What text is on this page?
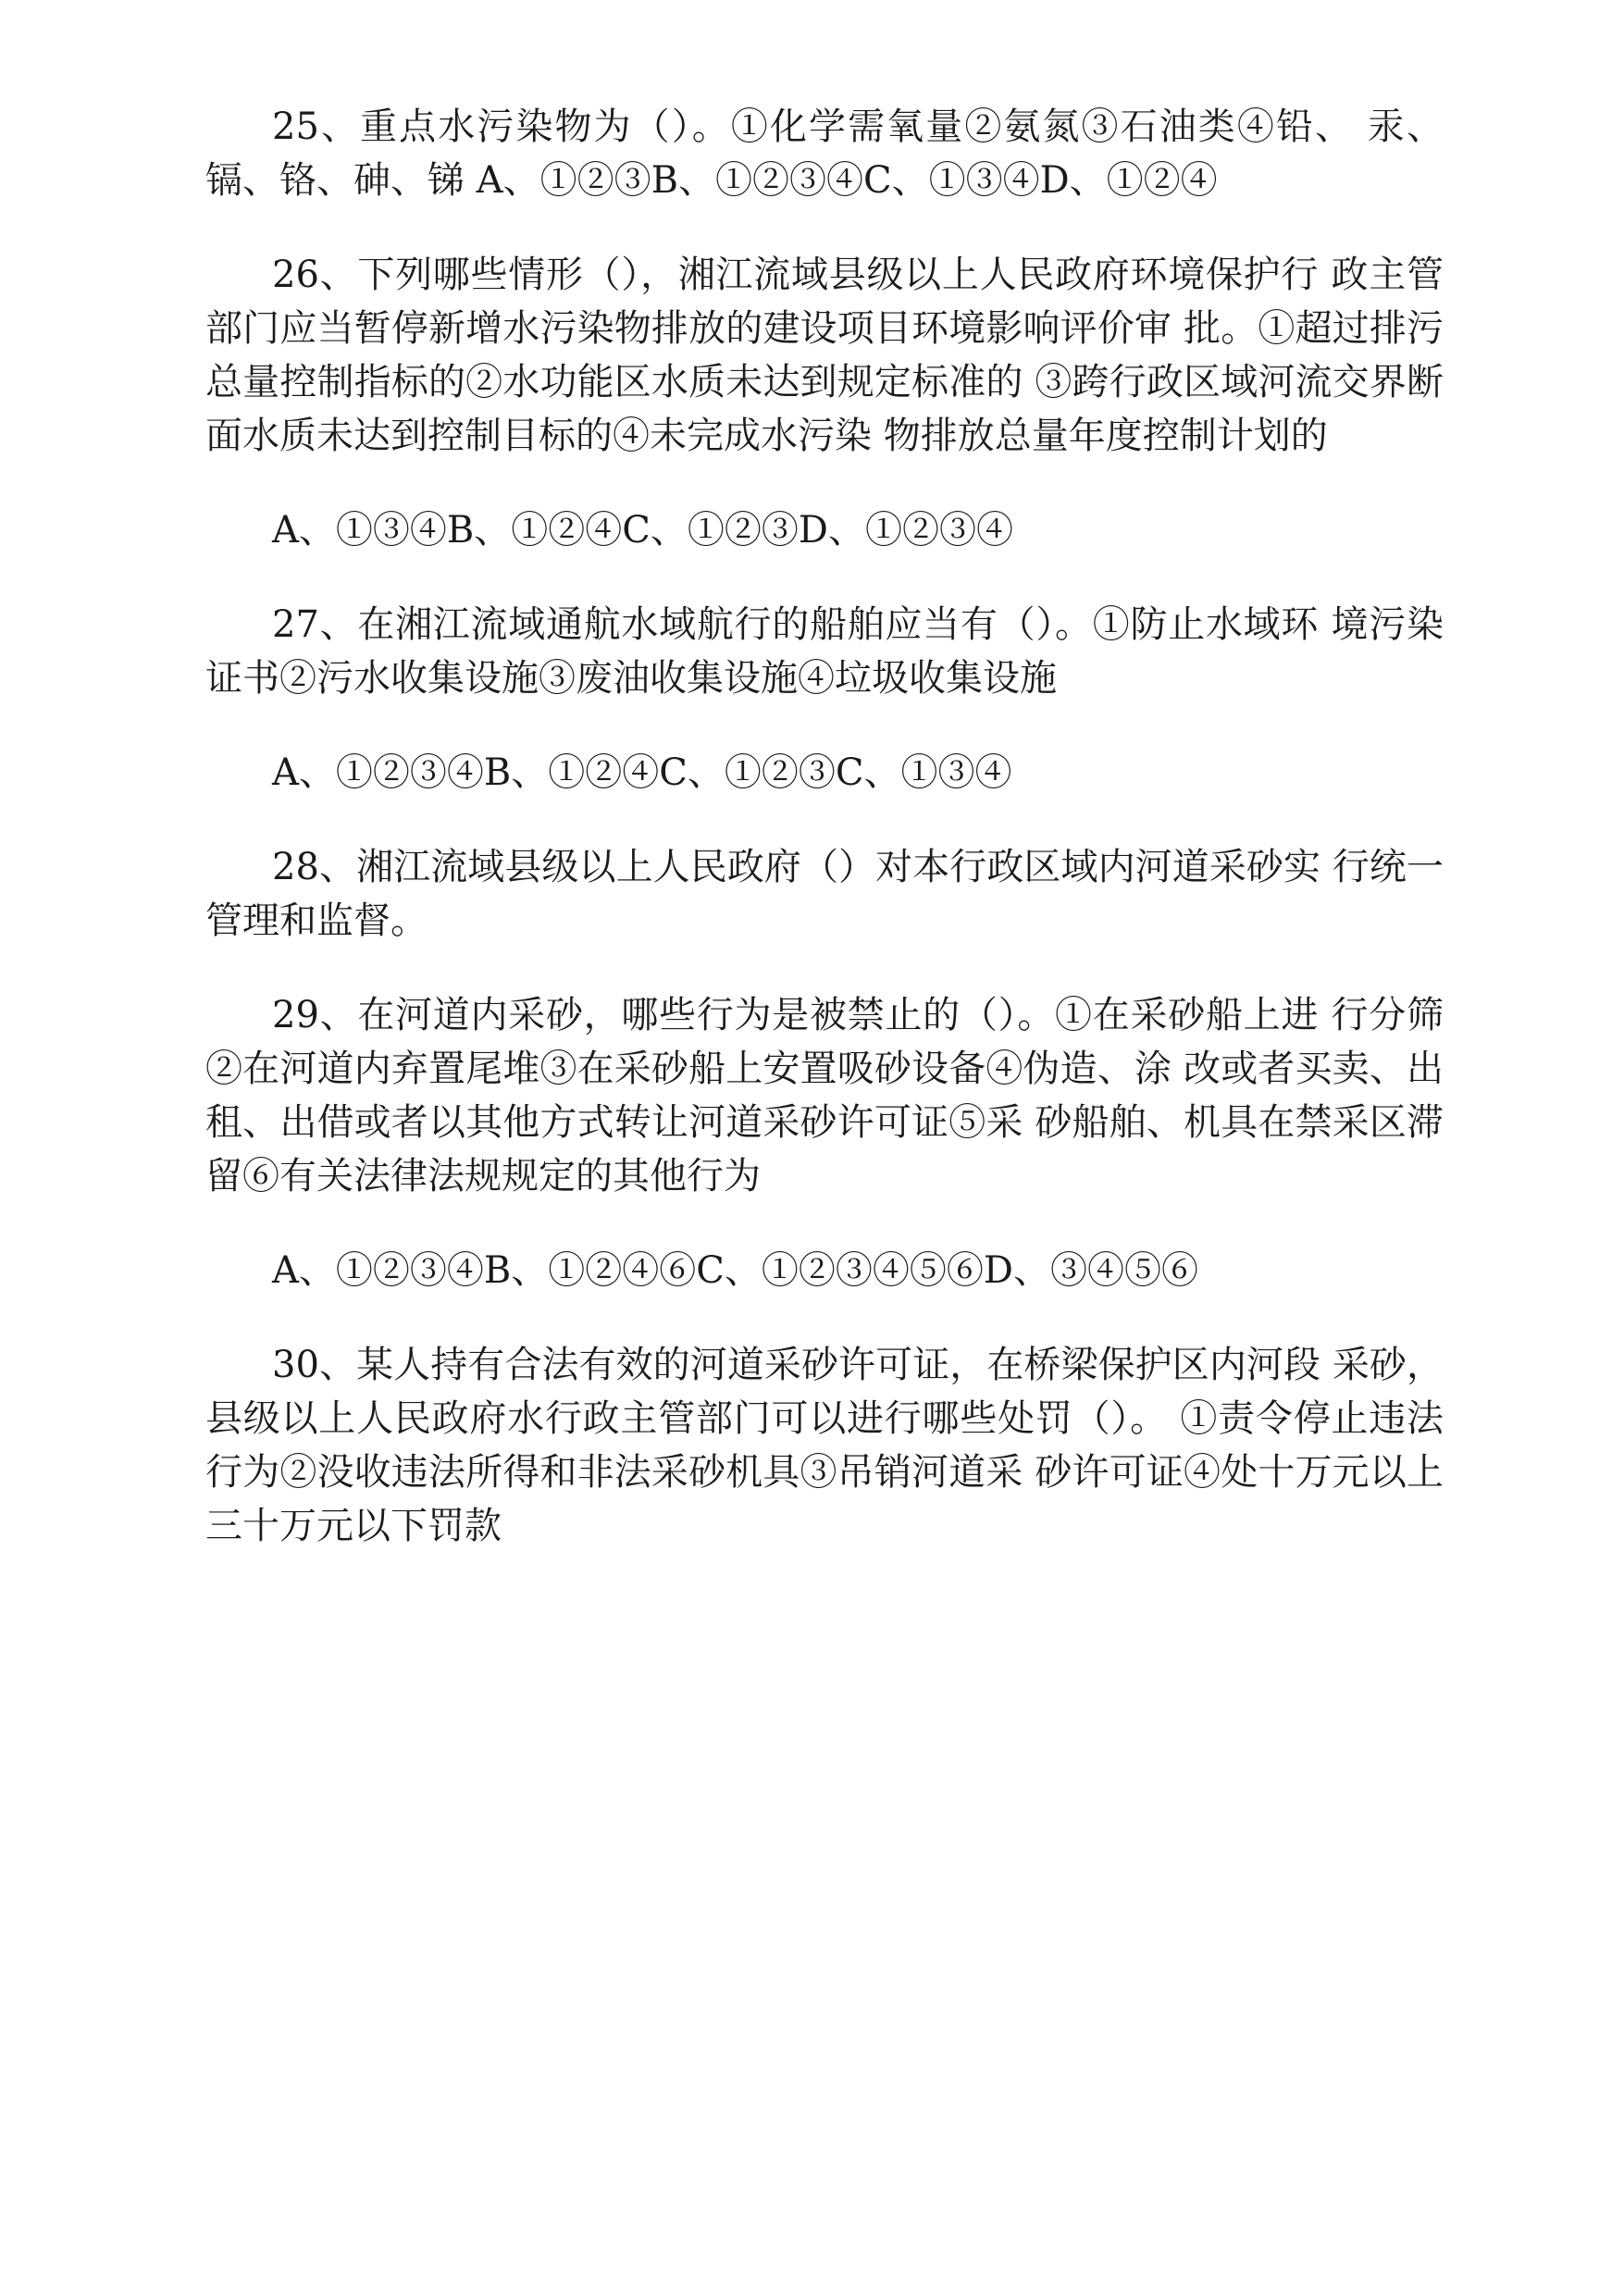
25、重点水污染物为（）。①化学需氧量②氨氮③石油类④铅、 汞、镉、铬、砷、锑 A、①②③B、①②③④C、①③④D、①②④

26、下列哪些情形（），湘江流域县级以上人民政府环境保护行 政主管部门应当暂停新增水污染物排放的建设项目环境影响评价审 批。①超过排污总量控制指标的②水功能区水质未达到规定标准的 ③跨行政区域河流交界断面水质未达到控制目标的④未完成水污染 物排放总量年度控制计划的

A、①③④B、①②④C、①②③D、①②③④

27、在湘江流域通航水域航行的船舶应当有（）。①防止水域环 境污染证书②污水收集设施③废油收集设施④垃圾收集设施

A、①②③④B、①②④C、①②③C、①③④

28、湘江流域县级以上人民政府（）对本行政区域内河道采砂实 行统一管理和监督。

29、在河道内采砂，哪些行为是被禁止的（）。①在采砂船上进 行分筛②在河道内弃置尾堆③在采砂船上安置吸砂设备④伪造、涂 改或者买卖、出租、出借或者以其他方式转让河道采砂许可证⑤采 砂船舶、机具在禁采区滞留⑥有关法律法规规定的其他行为

A、①②③④B、①②④⑥C、①②③④⑤⑥D、③④⑤⑥

30、某人持有合法有效的河道采砂许可证，在桥梁保护区内河段 采砂，县级以上人民政府水行政主管部门可以进行哪些处罚（）。 ①责令停止违法行为②没收违法所得和非法采砂机具③吊销河道采 砂许可证④处十万元以上三十万元以下罚款
